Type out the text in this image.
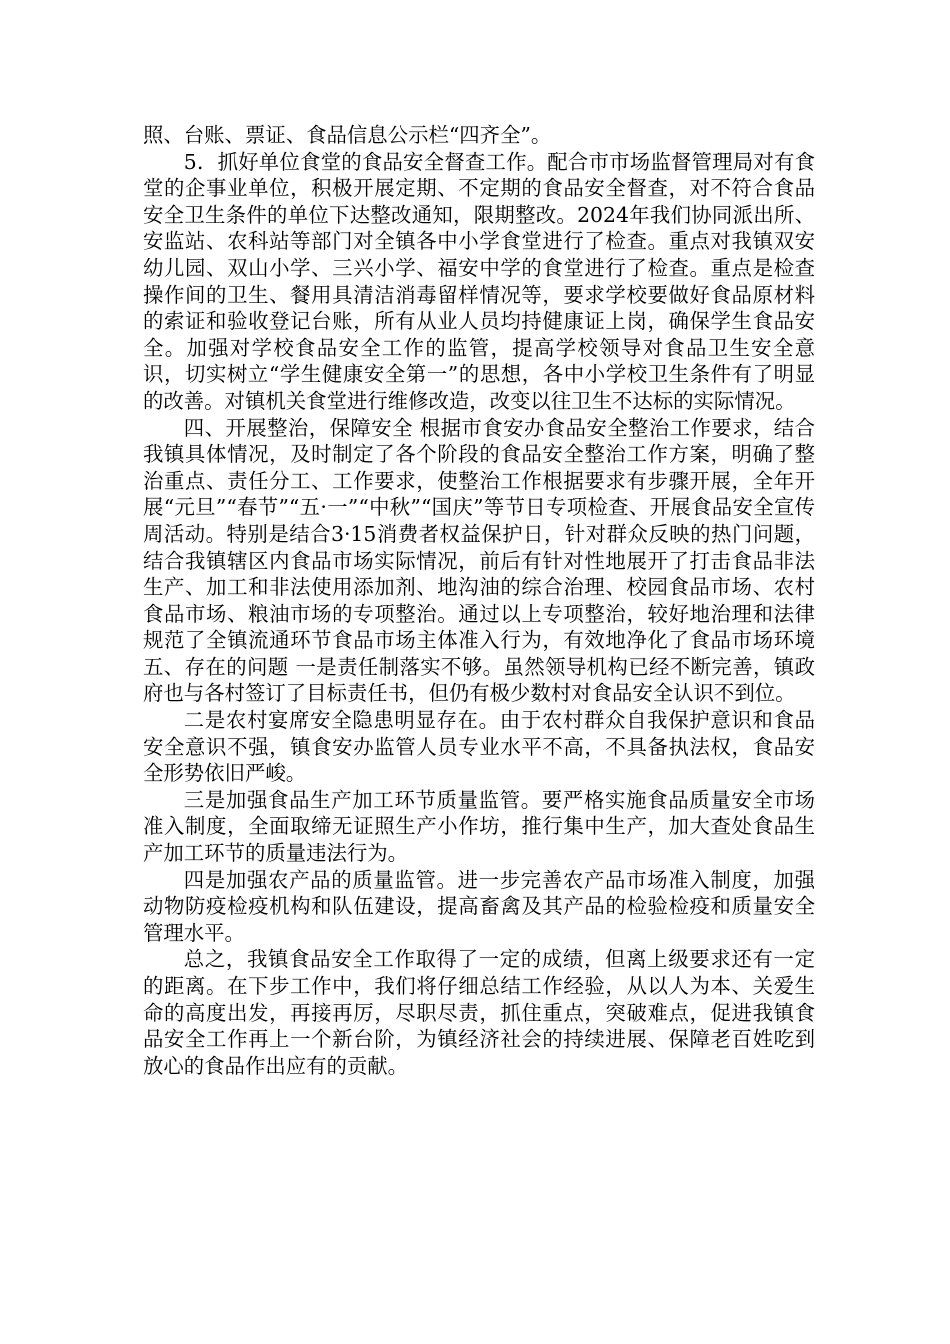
照、台账、票证、食品信息公示栏“四齐全”。

5．抓好单位食堂的食品安全督查工作。配合市市场监督管理局对有食堂的企事业单位，积极开展定期、不定期的食品安全督查，对不符合食品安全卫生条件的单位下达整改通知，限期整改。2024年我们协同派出所、安监站、农科站等部门对全镇各中小学食堂进行了检查。重点对我镇双安幼儿园、双山小学、三兴小学、福安中学的食堂进行了检查。重点是检查操作间的卫生、餐用具清洁消毒留样情况等，要求学校要做好食品原材料的索证和验收登记台账，所有从业人员均持健康证上岗，确保学生食品安全。加强对学校食品安全工作的监管，提高学校领导对食品卫生安全意识，切实树立“学生健康安全第一”的思想，各中小学校卫生条件有了明显的改善。对镇机关食堂进行维修改造，改变以往卫生不达标的实际情况。

四、开展整治，保障安全 根据市食安办食品安全整治工作要求，结合我镇具体情况，及时制定了各个阶段的食品安全整治工作方案，明确了整治重点、责任分工、工作要求，使整治工作根据要求有步骤开展，全年开展“元旦”“春节”“五·一”“中秋”“国庆”等节日专项检查、开展食品安全宣传周活动。特别是结合3·15消费者权益保护日，针对群众反映的热门问题，结合我镇辖区内食品市场实际情况，前后有针对性地展开了打击食品非法生产、加工和非法使用添加剂、地沟油的综合治理、校园食品市场、农村食品市场、粮油市场的专项整治。通过以上专项整治，较好地治理和法律规范了全镇流通环节食品市场主体准入行为，有效地净化了食品市场环境 五、存在的问题 一是责任制落实不够。虽然领导机构已经不断完善，镇政府也与各村签订了目标责任书，但仍有极少数村对食品安全认识不到位。

二是农村宴席安全隐患明显存在。由于农村群众自我保护意识和食品安全意识不强，镇食安办监管人员专业水平不高，不具备执法权，食品安全形势依旧严峻。

三是加强食品生产加工环节质量监管。要严格实施食品质量安全市场准入制度，全面取缔无证照生产小作坊，推行集中生产，加大查处食品生产加工环节的质量违法行为。

四是加强农产品的质量监管。进一步完善农产品市场准入制度，加强动物防疫检疫机构和队伍建设，提高畜禽及其产品的检验检疫和质量安全管理水平。

总之，我镇食品安全工作取得了一定的成绩，但离上级要求还有一定的距离。在下步工作中，我们将仔细总结工作经验，从以人为本、关爱生命的高度出发，再接再厉，尽职尽责，抓住重点，突破难点，促进我镇食品安全工作再上一个新台阶，为镇经济社会的持续进展、保障老百姓吃到放心的食品作出应有的贡献。
